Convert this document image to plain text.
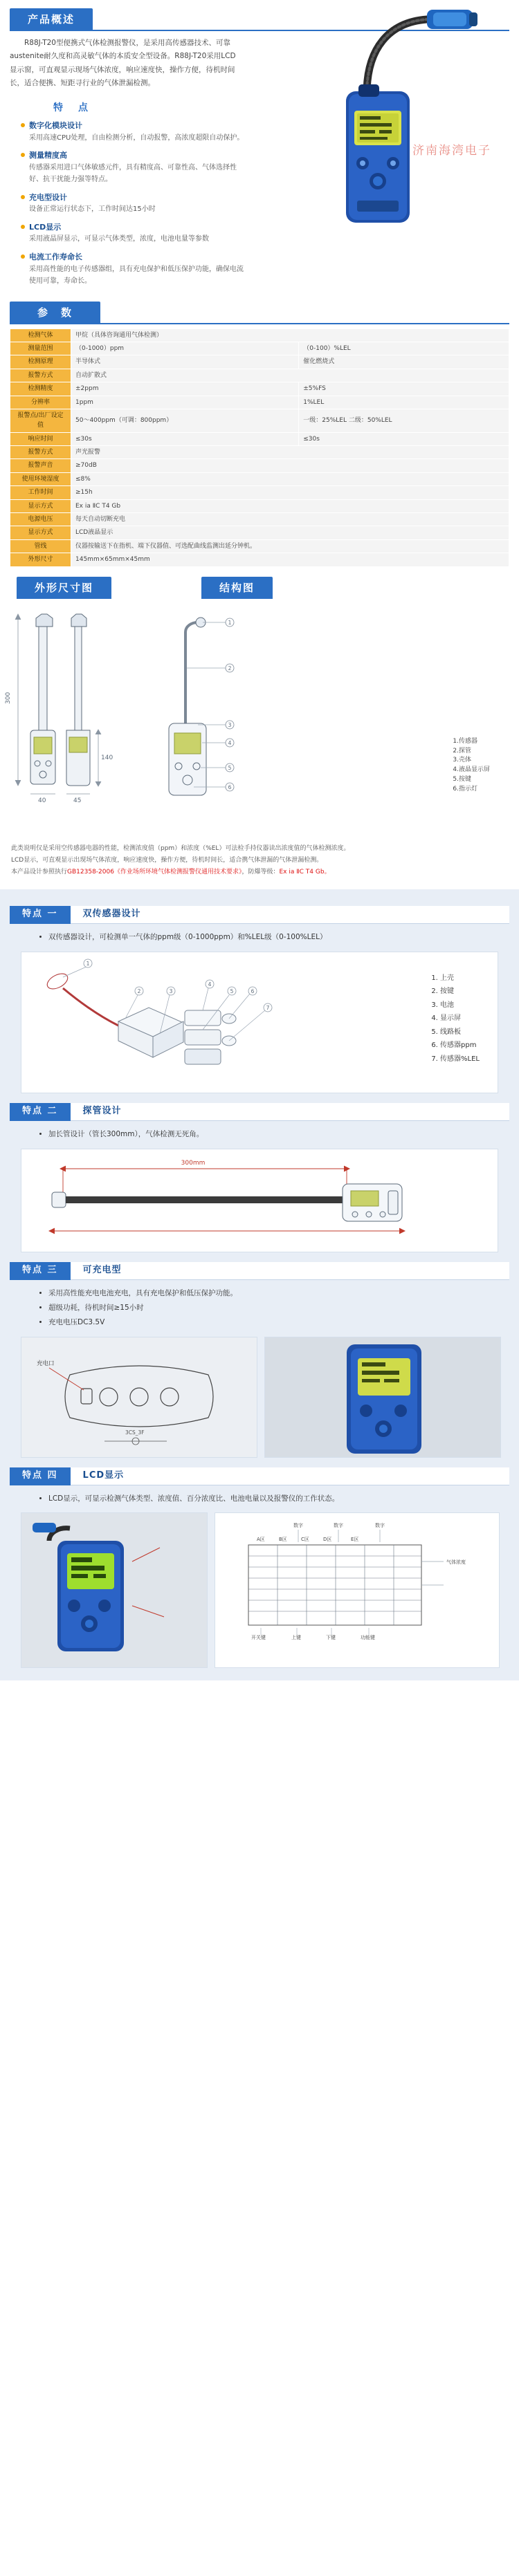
产品概述
R88J-T20型便携式气体检测报警仪，是采用高传感器技术、可靠austenite耐久度和高灵敏气体的本质安全型设备。R88J-T20采用LCD显示窗，可直观显示现场气体浓度，响应速度快，操作方便，待机时间长，适合便携、短距寻行业的气体泄漏检测。
特　点
数字化模块设计
采用高速CPU处理，自由检测分析，自动报警，高浓度超限自动保护。
测量精度高
传感器采用进口气体敏感元件，具有精度高、可靠性高、气体选择性好、抗干扰能力强等特点。
充电型设计
设备正常运行状态下，工作时间达15小时
LCD显示
采用液晶屏显示，可显示气体类型，浓度，电池电量等参数
电流工作寿命长
采用高性能的电子传感器组，具有充电保护和低压保护功能，确保电流使用可靠，寿命长。
济南海湾电子
参　数
检测气体	甲烷（具体咨询通用气体检测）	
测量范围	（0-1000）ppm	（0-100）%LEL
检测原理	半导体式	催化燃烧式
报警方式	自动扩散式	
检测精度	±2ppm	±5%FS
分辨率	1ppm	1%LEL
报警点/出厂设定值	50～400ppm（可调：800ppm）	一级：25%LEL 二级：50%LEL
响应时间	≤30s	≤30s
报警方式	声光报警	
报警声音	≥70dB	
使用环境湿度	≤8%	
工作时间	≥15h	
显示方式	Ex ia ⅡC T4 Gb	
电源电压	每天自动切断充电	
显示方式	LCD液晶显示	
管线	仪器按输送下在指机、端下仪器值、可选配曲线监测出延分钟机。	
外形尺寸	145mm×65mm×45mm	
外形尺寸图	结构图
300
40
140
45
1
2
3
4
5
6
1.传感器
2.探管
3.壳体
4.液晶显示屏
5.按键
6.指示灯
此类说明仅是采用空传感器电器的性能，检测浓度值（ppm）和浓度（%EL）可法检手持仪器读出浓度值的气体检测浓度。
LCD显示，可直观显示出现场气体浓度，响应速度快，操作方便，待机时间长，适合携气体泄漏的气体泄漏检测。
本产品设计参照执行GB12358-2006《作业场所环境气体检测报警仪通用技术要求》，防爆等级：Ex ia ⅡC T4 Gb。
特点 一	双传感器设计
• 双传感器设计，可检测单一气体的ppm级（0-1000ppm）和%LEL级（0-100%LEL）
1
2	3
4
5	6
7
1. 上壳
2. 按键
3. 电池
4. 显示屏
5. 线路板
6. 传感器ppm
7. 传感器%LEL
特点 二	探管设计
• 加长管设计（管长300mm），气体检测无死角。
300mm
特点 三	可充电型
• 采用高性能充电电池充电，具有充电保护和低压保护功能。
• 超级功耗，待机时间≥15小时
• 充电电压DC3.5V
充电口
3CS_3F
特点 四	LCD显示
• LCD显示，可显示检测气体类型、浓度值、百分浓度比、电池电量以及报警仪的工作状态。
数字	数字	数字
A区	B区	C区	D区	E区
气体浓度
开关键	上键	下键	功能键
